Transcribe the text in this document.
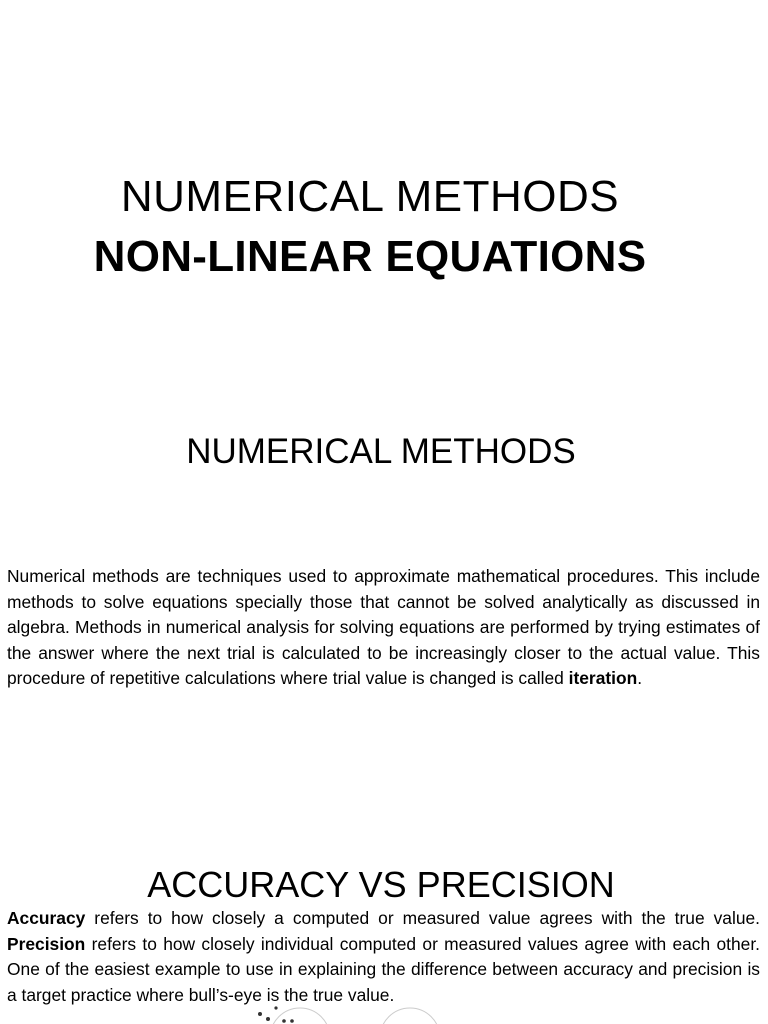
NUMERICAL METHODS
NON-LINEAR EQUATIONS
NUMERICAL METHODS
Numerical methods are techniques used to approximate mathematical procedures. This include methods to solve equations specially those that cannot be solved analytically as discussed in algebra. Methods in numerical analysis for solving equations are performed by trying estimates of the answer where the next trial is calculated to be increasingly closer to the actual value. This procedure of repetitive calculations where trial value is changed is called iteration.
ACCURACY VS PRECISION
Accuracy refers to how closely a computed or measured value agrees with the true value. Precision refers to how closely individual computed or measured values agree with each other. One of the easiest example to use in explaining the difference between accuracy and precision is a target practice where bull’s-eye is the true value.
